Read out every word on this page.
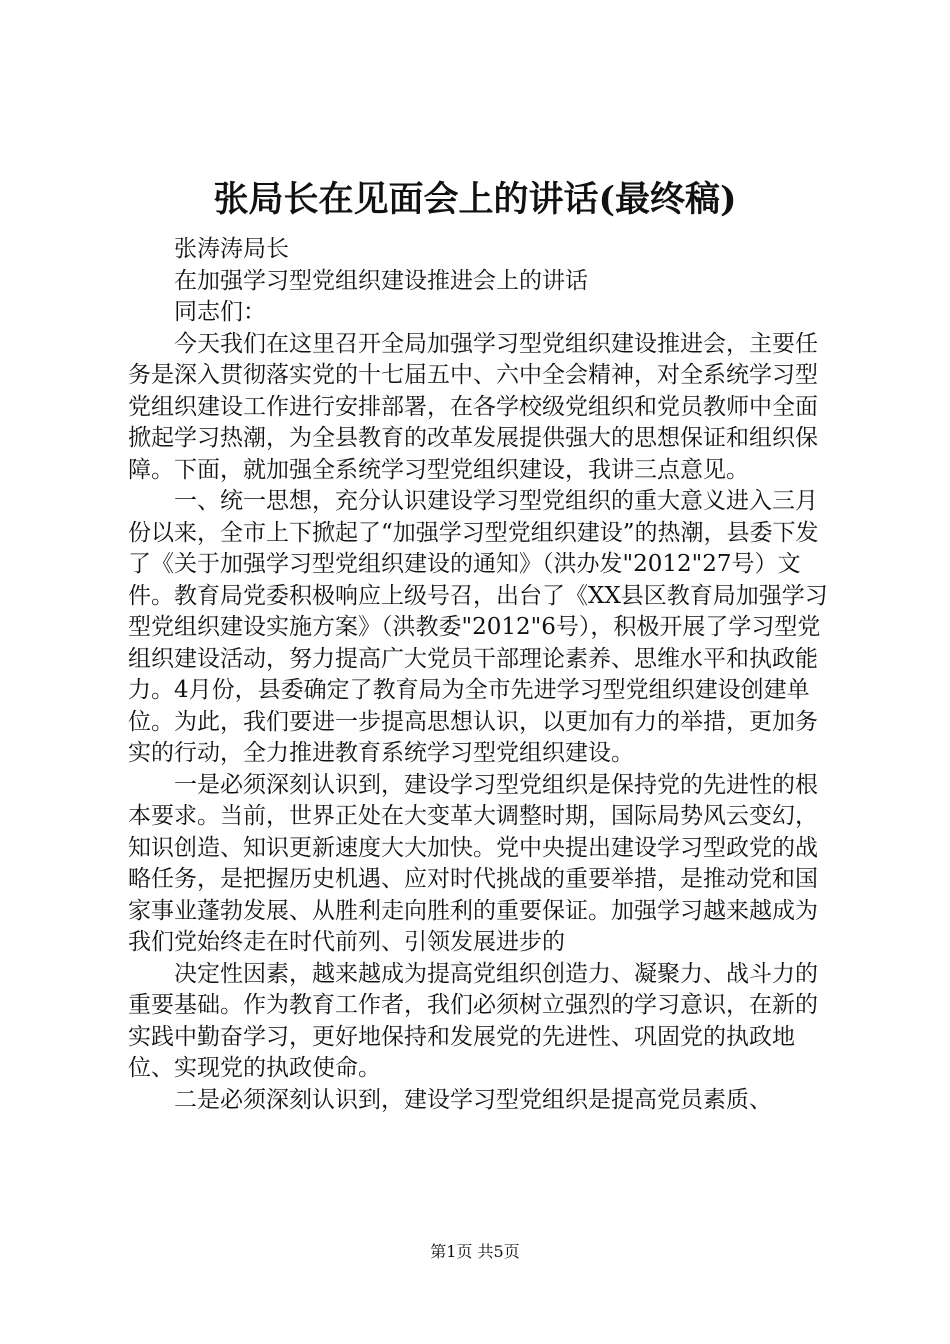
张局长在见面会上的讲话(最终稿)

张涛涛局长

在加强学习型党组织建设推进会上的讲话

同志们：

今天我们在这里召开全局加强学习型党组织建设推进会，主要任务是深入贯彻落实党的十七届五中、六中全会精神，对全系统学习型党组织建设工作进行安排部署，在各学校级党组织和党员教师中全面掀起学习热潮，为全县教育的改革发展提供强大的思想保证和组织保障。下面，就加强全系统学习型党组织建设，我讲三点意见。

一、统一思想，充分认识建设学习型党组织的重大意义进入三月份以来，全市上下掀起了“加强学习型党组织建设”的热潮，县委下发了《关于加强学习型党组织建设的通知》（洪办发"2012"27号）文件。教育局党委积极响应上级号召，出台了《XX县区教育局加强学习型党组织建设实施方案》（洪教委"2012"6号），积极开展了学习型党组织建设活动，努力提高广大党员干部理论素养、思维水平和执政能力。4月份，县委确定了教育局为全市先进学习型党组织建设创建单位。为此，我们要进一步提高思想认识，以更加有力的举措，更加务实的行动，全力推进教育系统学习型党组织建设。

一是必须深刻认识到，建设学习型党组织是保持党的先进性的根本要求。当前，世界正处在大变革大调整时期，国际局势风云变幻，知识创造、知识更新速度大大加快。党中央提出建设学习型政党的战略任务，是把握历史机遇、应对时代挑战的重要举措，是推动党和国家事业蓬勃发展、从胜利走向胜利的重要保证。加强学习越来越成为我们党始终走在时代前列、引领发展进步的

决定性因素，越来越成为提高党组织创造力、凝聚力、战斗力的重要基础。作为教育工作者，我们必须树立强烈的学习意识，在新的实践中勤奋学习，更好地保持和发展党的先进性、巩固党的执政地位、实现党的执政使命。

二是必须深刻认识到，建设学习型党组织是提高党员素质、

第1页 共5页
